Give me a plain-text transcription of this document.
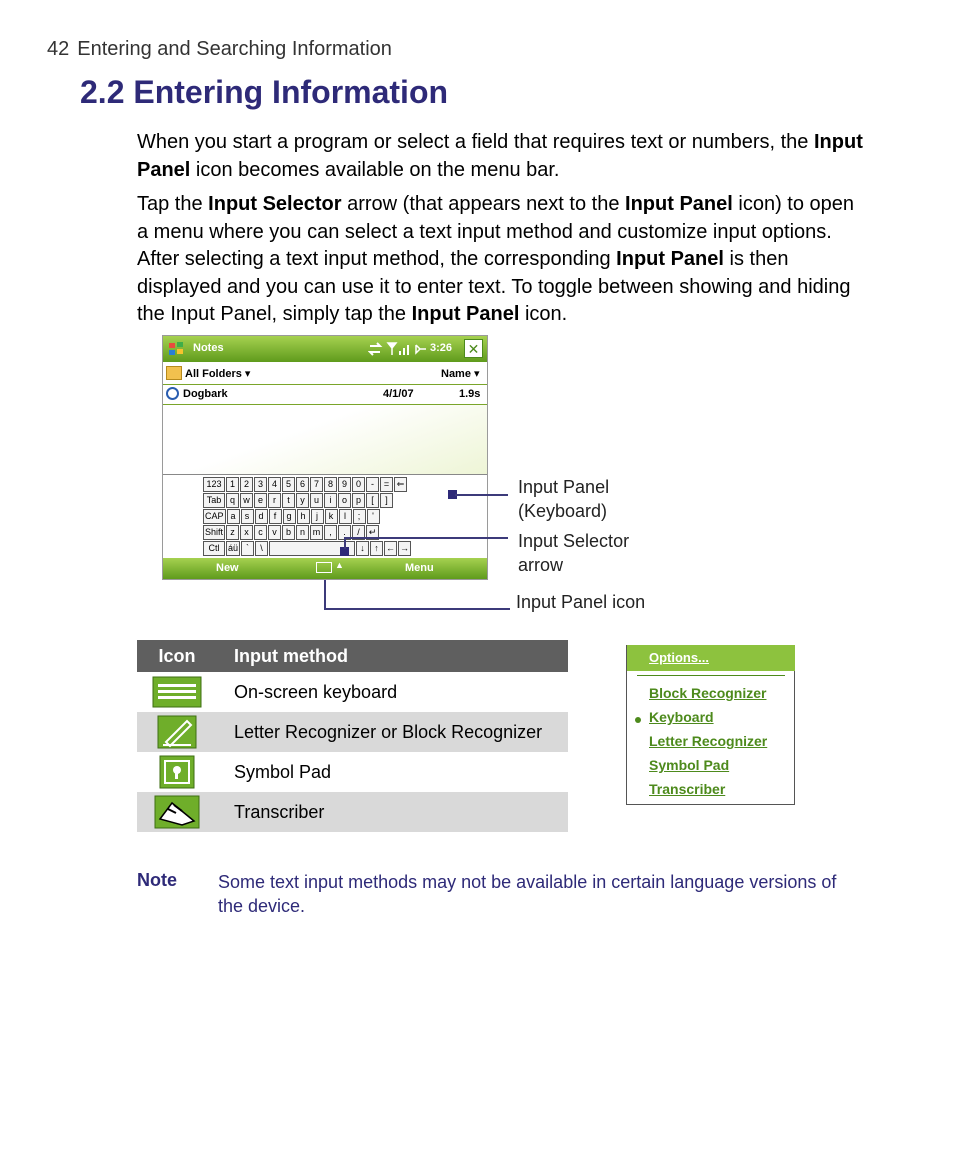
42 Entering and Searching Information
2.2 Entering Information
When you start a program or select a field that requires text or numbers, the Input Panel icon becomes available on the menu bar.
Tap the Input Selector arrow (that appears next to the Input Panel icon) to open a menu where you can select a text input method and customize input options. After selecting a text input method, the corresponding Input Panel is then displayed and you can use it to enter text. To toggle between showing and hiding the Input Panel, simply tap the Input Panel icon.
Notes	3:26 ✕
All Folders ▾	Name ▾
Dogbark	4/1/07	1.9s
123 1 2 3 4 5 6 7 8 9 0	-	= ⇐
Tab q w e	r	t	y	u	i	o p	[	]
CAP a	s	d	f	g h	j	k	l	;	'
Shift z	x	c	v	b n m ,	.	/ ↵
Ctl áü `	\	↓	↑ ← →
New	▲	Menu
Input Panel (Keyboard)
Input Selector arrow
Input Panel icon
Icon	Input method
	On-screen keyboard
	Letter Recognizer or Block Recognizer
	Symbol Pad
	Transcriber
Options...
Block Recognizer
Keyboard
Letter Recognizer
Symbol Pad
Transcriber
Note Some text input methods may not be available in certain language versions of the device.
